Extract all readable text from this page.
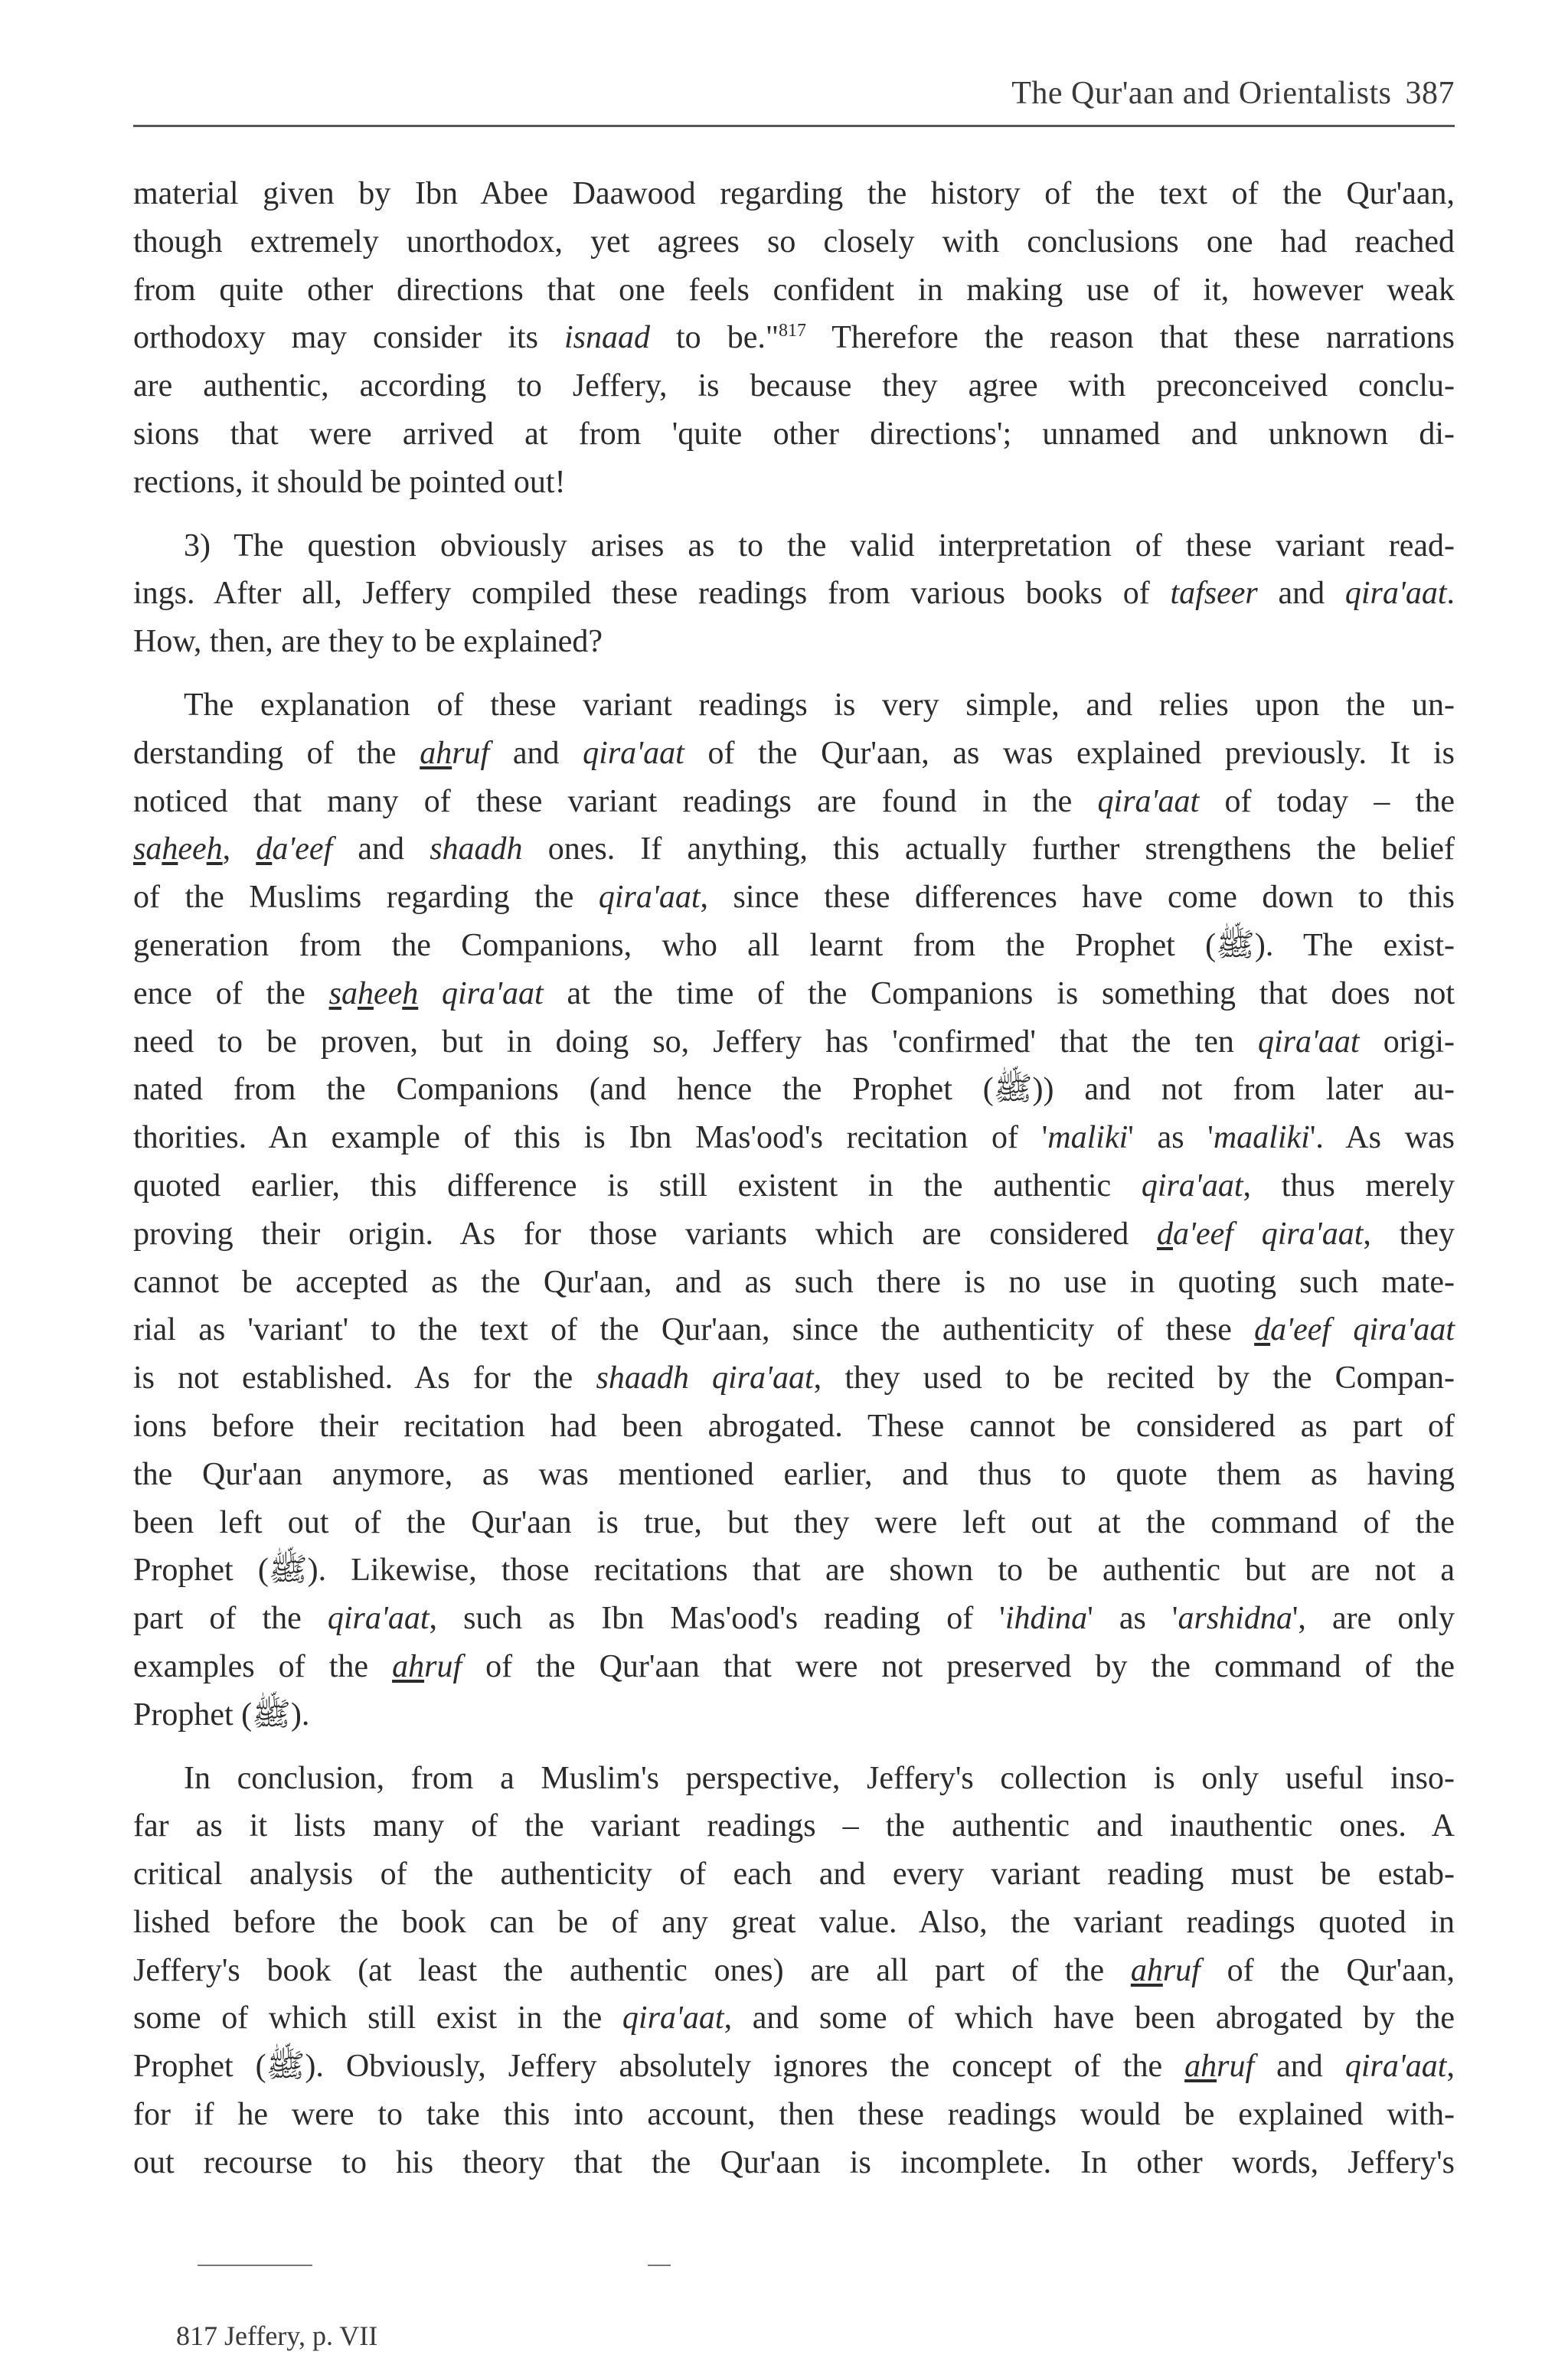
The Qur'aan and Orientalists 387

material given by Ibn Abee Daawood regarding the history of the text of the Qur'aan,
though extremely unorthodox, yet agrees so closely with conclusions one had reached
from quite other directions that one feels confident in making use of it, however weak
orthodoxy may consider its isnaad to be."$^{817}$ Therefore the reason that these narrations
are authentic, according to Jeffery, is because they agree with preconceived conclu-
sions that were arrived at from 'quite other directions'; unnamed and unknown di-
rections, it should be pointed out!

3) The question obviously arises as to the valid interpretation of these variant read-
ings. After all, Jeffery compiled these readings from various books of tafseer and qira'aat.
How, then, are they to be explained?

The explanation of these variant readings is very simple, and relies upon the un-
derstanding of the ahruf and qira'aat of the Qur'aan, as was explained previously. It is
noticed that many of these variant readings are found in the qira'aat of today – the
saheeh, da'eef and shaadh ones. If anything, this actually further strengthens the belief
of the Muslims regarding the qira'aat, since these differences have come down to this
generation from the Companions, who all learnt from the Prophet (ﷺ). The exist-
ence of the saheeh qira'aat at the time of the Companions is something that does not
need to be proven, but in doing so, Jeffery has 'confirmed' that the ten qira'aat origi-
nated from the Companions (and hence the Prophet (ﷺ)) and not from later au-
thorities. An example of this is Ibn Mas'ood's recitation of 'maliki' as 'maaliki'. As was
quoted earlier, this difference is still existent in the authentic qira'aat, thus merely
proving their origin. As for those variants which are considered da'eef qira'aat, they
cannot be accepted as the Qur'aan, and as such there is no use in quoting such mate-
rial as 'variant' to the text of the Qur'aan, since the authenticity of these da'eef qira'aat
is not established. As for the shaadh qira'aat, they used to be recited by the Compan-
ions before their recitation had been abrogated. These cannot be considered as part of
the Qur'aan anymore, as was mentioned earlier, and thus to quote them as having
been left out of the Qur'aan is true, but they were left out at the command of the
Prophet (ﷺ). Likewise, those recitations that are shown to be authentic but are not a
part of the qira'aat, such as Ibn Mas'ood's reading of 'ihdina' as 'arshidna', are only
examples of the ahruf of the Qur'aan that were not preserved by the command of the
Prophet (ﷺ).

In conclusion, from a Muslim's perspective, Jeffery's collection is only useful inso-
far as it lists many of the variant readings – the authentic and inauthentic ones. A
critical analysis of the authenticity of each and every variant reading must be estab-
lished before the book can be of any great value. Also, the variant readings quoted in
Jeffery's book (at least the authentic ones) are all part of the ahruf of the Qur'aan,
some of which still exist in the qira'aat, and some of which have been abrogated by the
Prophet (ﷺ). Obviously, Jeffery absolutely ignores the concept of the ahruf and qira'aat,
for if he were to take this into account, then these readings would be explained with-
out recourse to his theory that the Qur'aan is incomplete. In other words, Jeffery's

817 Jeffery, p. VII
